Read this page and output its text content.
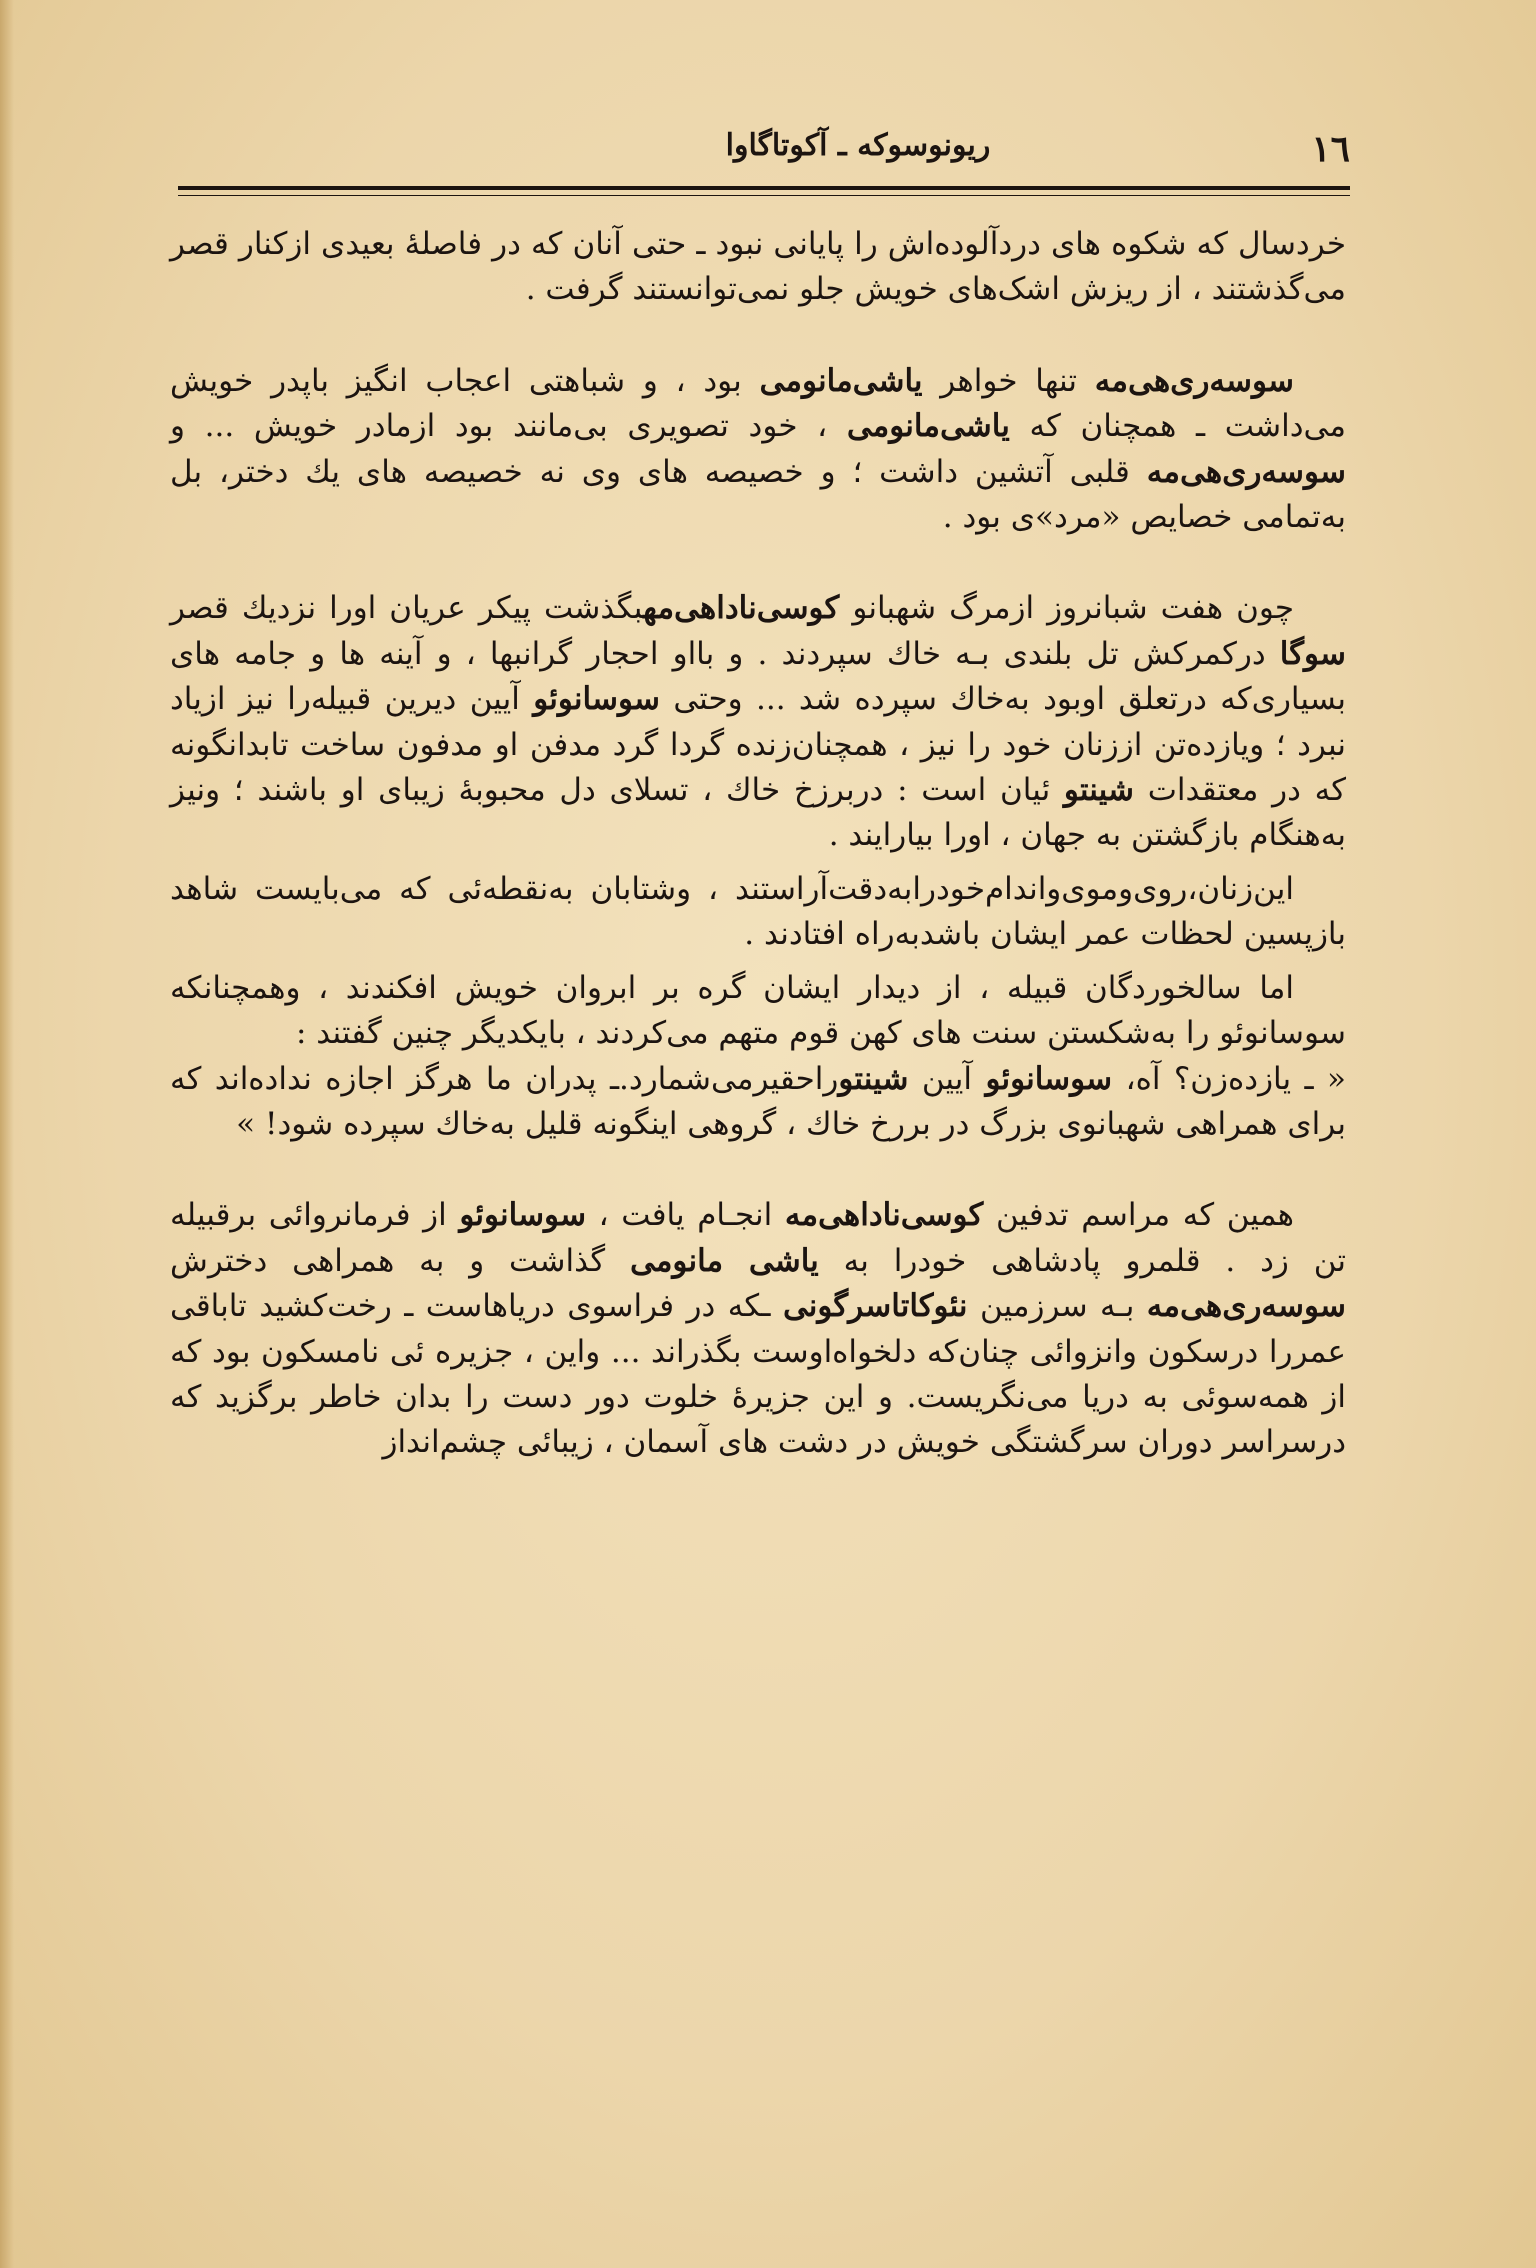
١٦
ريونوسوكه ـ آكوتاگاوا

خردسال که شکوه های دردآلوده‌اش را پایانی نبود ـ حتی آنان که در فاصلهٔ بعیدی ازکنار قصر می‌گذشتند ، از ریزش اشک‌های خویش جلو نمی‌توانستند گرفت .

سوسه‌ری‌هی‌مه تنها خواهر یاشی‌مانومی بود ، و شباهتی اعجاب انگیز باپدر خویش می‌داشت ـ همچنان که یاشی‌مانومی ، خود تصویری بی‌مانند بود ازمادر خویش ... و سوسه‌ری‌هی‌مه قلبی آتشین داشت ؛ و خصیصه های وی نه خصیصه های یك دختر، بل به‌تمامی خصایص «مرد»ی بود .

چون هفت شبانروز ازمرگ شهبانو کوسی‌ناداهی‌مهبگذشت پیکر عریان اورا نزدیك قصر سوگا درکمرکش تل بلندی بـه خاك سپردند . و بااو احجار گرانبها ، و آینه ها و جامه های بسیاری‌که درتعلق اوبود به‌خاك سپرده شد ... وحتی سوسانوئو آیین دیرین قبیله‌را نیز ازیاد نبرد ؛ ویازده‌تن اززنان خود را نیز ، همچنان‌زنده گردا گرد مدفن او مدفون ساخت تابدانگونه که در معتقدات شینتو ئیان است : دربرزخ خاك ، تسلای دل محبوبهٔ زیبای او باشند ؛ ونیز به‌هنگام بازگشتن به جهان ، اورا بیارایند .

این‌زنان،روی‌وموی‌واندام‌خودرابه‌دقت‌آراستند ، وشتابان به‌نقطه‌ئی که می‌بایست شاهد بازپسین لحظات عمر ایشان باشدبه‌راه افتادند .

اما سالخوردگان قبیله ، از دیدار ایشان گره بر ابروان خویش افکندند ، وهمچنانکه سوسانوئو را به‌شکستن سنت های کهن قوم متهم می‌کردند ، بایکدیگر چنین گفتند :

« ـ یازده‌زن؟ آه، سوسانوئو آیین شینتوراحقیرمی‌شمارد.ـ پدران ما هرگز اجازه نداده‌اند که برای همراهی شهبانوی بزرگ در بررخ خاك ، گروهی اینگونه قلیل به‌خاك سپرده شود! »

همین که مراسم تدفین کوسی‌ناداهی‌مه انجـام یافت ، سوسانوئو از فرمانروائی برقبیله تن زد . قلمرو پادشاهی خودرا به یاشی مانومی گذاشت و به همراهی دخترش سوسه‌ری‌هی‌مه بـه سرزمین نئوکاتاسرگونی ـکه در فراسوی دریاهاست ـ رخت‌کشید تاباقی عمررا درسکون وانزوائی چنان‌که دلخواه‌اوست بگذراند ... واین ، جزیره ئی نامسکون بود که از همه‌سوئی به دریا می‌نگریست. و این جزیرهٔ خلوت دور دست را بدان خاطر برگزید که درسراسر دوران سرگشتگی خویش در دشت های آسمان ، زیبائی چشم‌انداز
